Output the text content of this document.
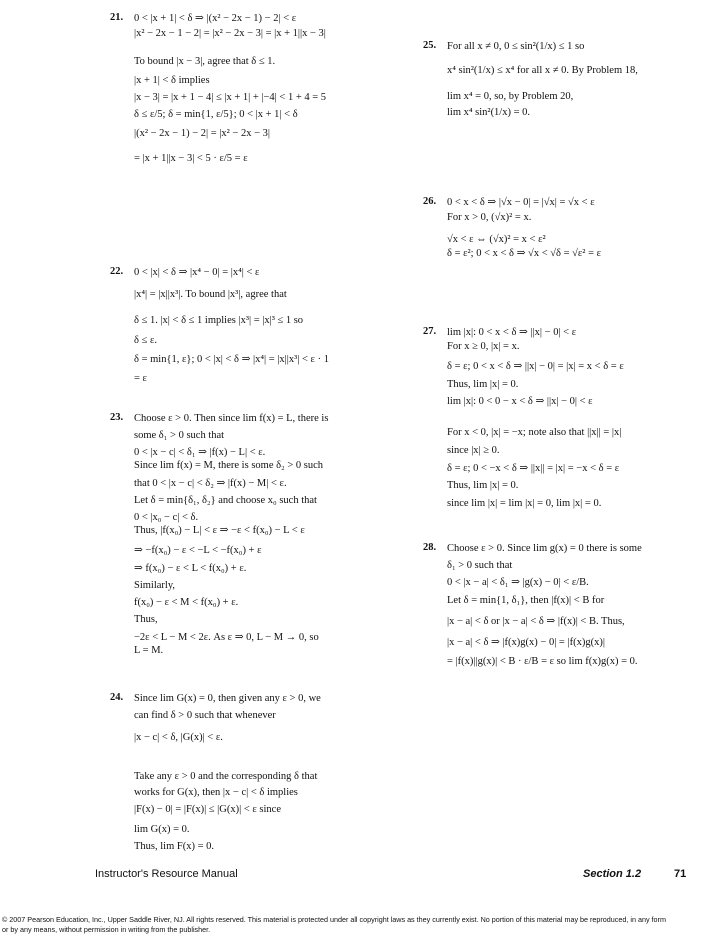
21. 0 < |x + 1| < δ ⇒ |(x² − 2x − 1) − 2| < ε
|x² − 2x − 1 − 2| = |x² − 2x − 3| = |x + 1||x − 3|
To bound |x − 3|, agree that δ ≤ 1.
|x + 1| < δ implies
|x − 3| = |x + 1 − 4| ≤ |x + 1| + |−4| < 1 + 4 = 5
δ ≤ ε/5; δ = min{1, ε/5}; 0 < |x + 1| < δ
|(x² − 2x − 1) − 2| = |x² − 2x − 3|
= |x + 1||x − 3| < 5 · ε/5 = ε
22. 0 < |x| < δ ⇒ |x⁴ − 0| = |x⁴| < ε
|x⁴| = |x||x³|. To bound |x³|, agree that
δ ≤ 1. |x| < δ ≤ 1 implies |x³| = |x|³ ≤ 1 so
δ ≤ ε.
δ = min{1, ε}; 0 < |x| < δ ⇒ |x⁴| = |x||x³| < ε · 1
= ε
23. Choose ε > 0. Then since lim f(x) = L, there is
some δ₁ > 0 such that
0 < |x − c| < δ₁ ⇒ |f(x) − L| < ε.
Since lim f(x) = M, there is some δ₂ > 0 such
that 0 < |x − c| < δ₂ ⇒ |f(x) − M| < ε.
Let δ = min{δ₁, δ₂} and choose x₀ such that
0 < |x₀ − c| < δ.
Thus, |f(x₀) − L| < ε ⇒ −ε < f(x₀) − L < ε
⇒ −f(x₀) − ε < −L < −f(x₀) + ε
⇒ f(x₀) − ε < L < f(x₀) + ε.
Similarly,
f(x₀) − ε < M < f(x₀) + ε.
Thus,
−2ε < L − M < 2ε. As ε ⇒ 0, L − M → 0, so
L = M.
24. Since lim G(x) = 0, then given any ε > 0, we
can find δ > 0 such that whenever
|x − c| < δ, |G(x)| < ε.
Take any ε > 0 and the corresponding δ that
works for G(x), then |x − c| < δ implies
|F(x) − 0| = |F(x)| ≤ |G(x)| < ε since
lim G(x) = 0.
Thus, lim F(x) = 0.
25. For all x ≠ 0, 0 ≤ sin²(1/x) ≤ 1 so
x⁴ sin²(1/x) ≤ x⁴ for all x ≠ 0. By Problem 18,
lim x⁴ = 0, so, by Problem 20,
lim x⁴ sin²(1/x) = 0.
26. 0 < x < δ ⇒ |√x − 0| = |√x| = √x < ε
For x > 0, (√x)² = x.
√x < ε ⇔ (√x)² = x < ε²
δ = ε²; 0 < x < δ ⇒ √x < √δ = √ε² = ε
27. lim |x|: 0 < x < δ ⇒ ||x| − 0| < ε
For x ≥ 0, |x| = x.
δ = ε; 0 < x < δ ⇒ ||x| − 0| = |x| = x < δ = ε
Thus, lim |x| = 0.
lim |x|: 0 < 0 − x < δ ⇒ ||x| − 0| < ε
For x < 0, |x| = −x; note also that ||x|| = |x|
since |x| ≥ 0.
δ = ε; 0 < −x < δ ⇒ ||x|| = |x| = −x < δ = ε
Thus, lim |x| = 0.
since lim |x| = lim |x| = 0, lim |x| = 0.
28. Choose ε > 0. Since lim g(x) = 0 there is some
δ₁ > 0 such that
0 < |x − a| < δ₁ ⇒ |g(x) − 0| < ε/B.
Let δ = min{1, δ₁}, then |f(x)| < B for
|x − a| < δ or |x − a| < δ ⇒ |f(x)| < B. Thus,
|x − a| < δ ⇒ |f(x)g(x) − 0| = |f(x)g(x)|
= |f(x)||g(x)| < B · ε/B = ε so lim f(x)g(x) = 0.
Instructor's Resource Manual	Section 1.2	71
© 2007 Pearson Education, Inc., Upper Saddle River, NJ. All rights reserved. This material is protected under all copyright laws as they currently exist. No portion of this material may be reproduced, in any form
or by any means, without permission in writing from the publisher.
